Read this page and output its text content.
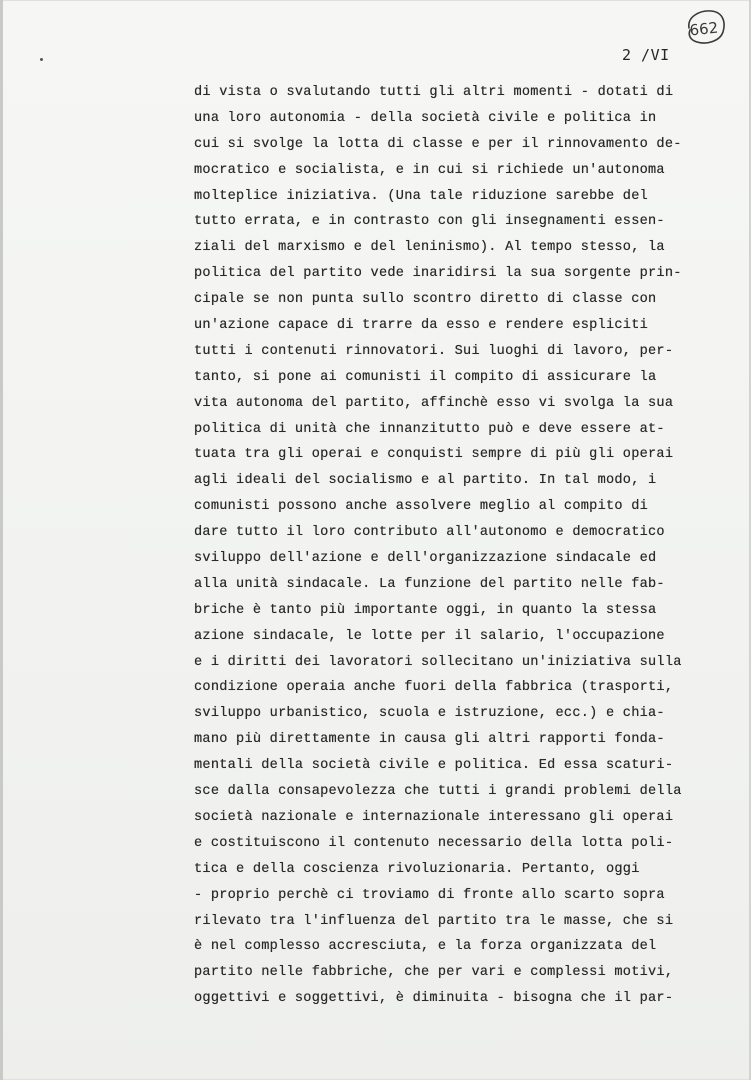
662
2 /VI
di vista o svalutando tutti gli altri momenti - dotati di
una loro autonomia - della società civile e politica in
cui si svolge la lotta di classe e per il rinnovamento de-
mocratico e socialista, e in cui si richiede un'autonoma
molteplice iniziativa. (Una tale riduzione sarebbe del
tutto errata, e in contrasto con gli insegnamenti essen-
ziali del marxismo e del leninismo). Al tempo stesso, la
politica del partito vede inaridirsi la sua sorgente prin-
cipale se non punta sullo scontro diretto di classe con
un'azione capace di trarre da esso e rendere espliciti
tutti i contenuti rinnovatori. Sui luoghi di lavoro, per-
tanto, si pone ai comunisti il compito di assicurare la
vita autonoma del partito, affinchè esso vi svolga la sua
politica di unità che innanzitutto può e deve essere at-
tuata tra gli operai e conquisti sempre di più gli operai
agli ideali del socialismo e al partito. In tal modo, i
comunisti possono anche assolvere meglio al compito di
dare tutto il loro contributo all'autonomo e democratico
sviluppo dell'azione e dell'organizzazione sindacale ed
alla unità sindacale. La funzione del partito nelle fab-
briche è tanto più importante oggi, in quanto la stessa
azione sindacale, le lotte per il salario, l'occupazione
e i diritti dei lavoratori sollecitano un'iniziativa sulla
condizione operaia anche fuori della fabbrica (trasporti,
sviluppo urbanistico, scuola e istruzione, ecc.) e chia-
mano più direttamente in causa gli altri rapporti fonda-
mentali della società civile e politica. Ed essa scaturi-
sce dalla consapevolezza che tutti i grandi problemi della
società nazionale e internazionale interessano gli operai
e costituiscono il contenuto necessario della lotta poli-
tica e della coscienza rivoluzionaria. Pertanto, oggi
- proprio perchè ci troviamo di fronte allo scarto sopra
rilevato tra l'influenza del partito tra le masse, che si
è nel complesso accresciuta, e la forza organizzata del
partito nelle fabbriche, che per vari e complessi motivi,
oggettivi e soggettivi, è diminuita - bisogna che il par-
